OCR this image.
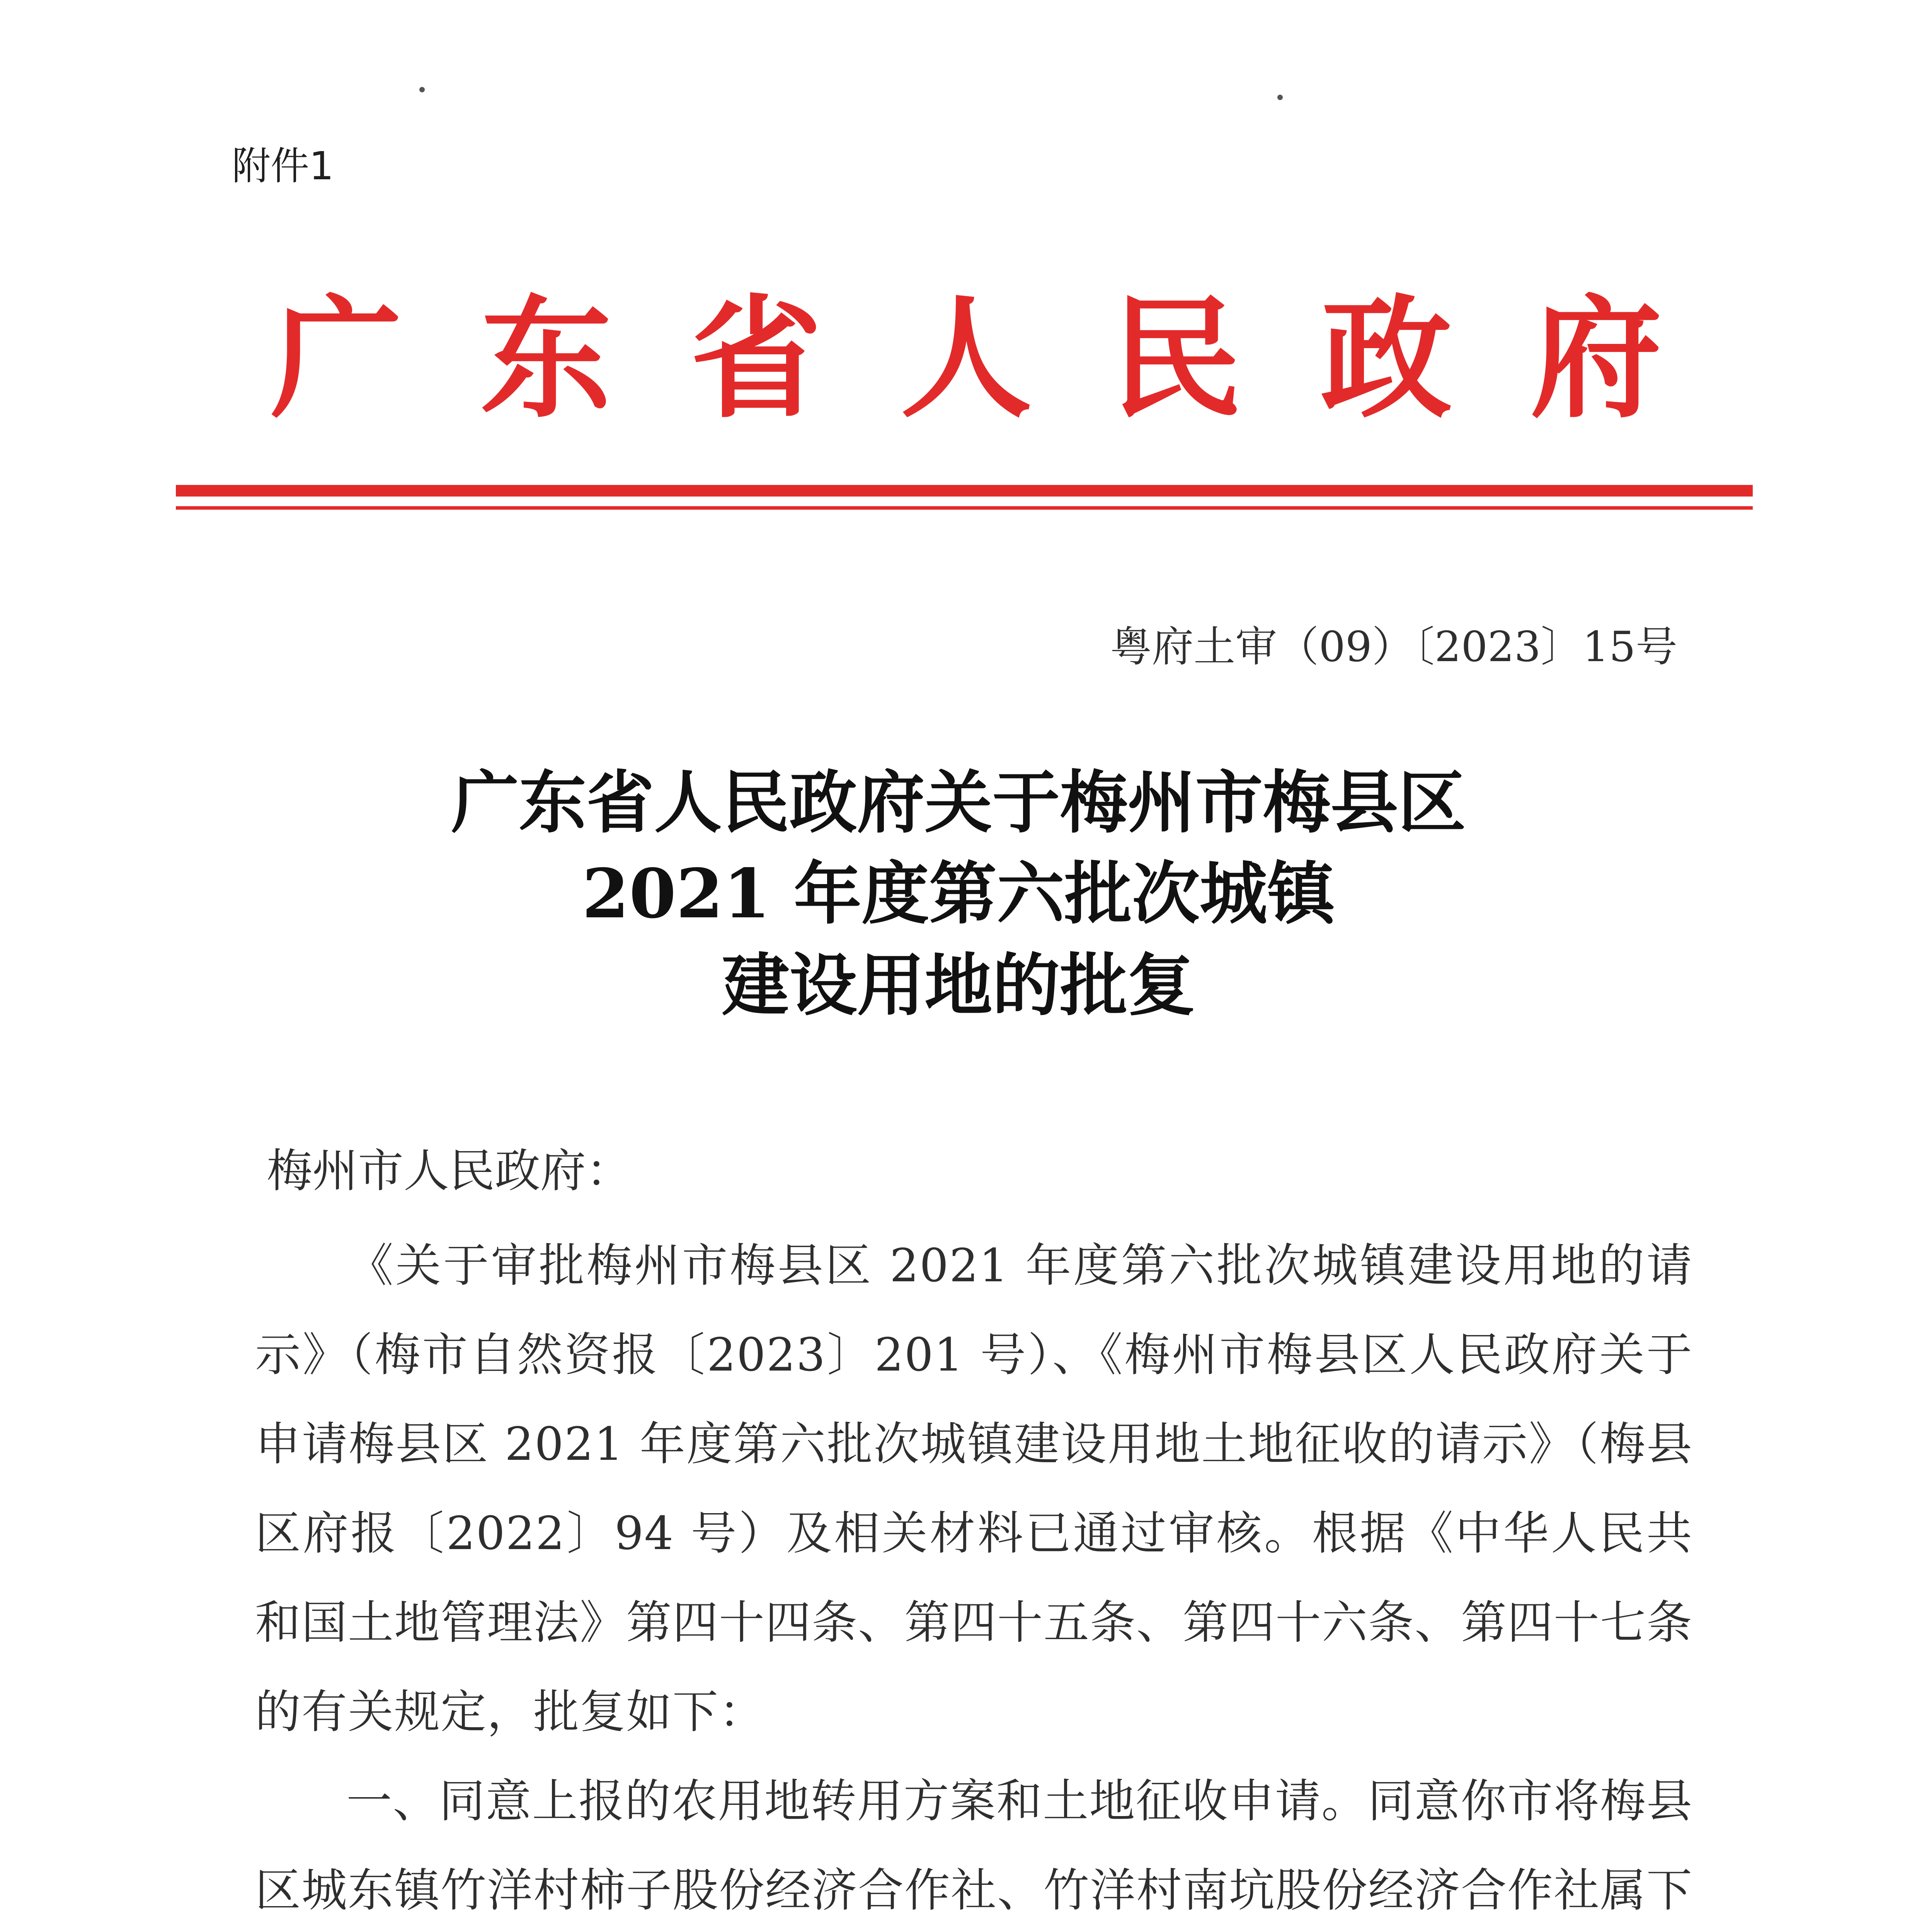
附件1
广 东 省 人 民 政 府
粤府土审（09）〔2023〕15号
广东省人民政府关于梅州市梅县区
2021 年度第六批次城镇
建设用地的批复
梅州市人民政府：

《关于审批梅州市梅县区 2021 年度第六批次城镇建设用地的请示》（梅市自然资报〔2023〕201 号）、《梅州市梅县区人民政府关于申请梅县区 2021 年度第六批次城镇建设用地土地征收的请示》（梅县区府报〔2022〕94 号）及相关材料已通过审核。根据《中华人民共和国土地管理法》第四十四条、第四十五条、第四十六条、第四十七条的有关规定，批复如下：

一、同意上报的农用地转用方案和土地征收申请。同意你市将梅县区城东镇竹洋村柿子股份经济合作社、竹洋村南坑股份经济合作社属下
